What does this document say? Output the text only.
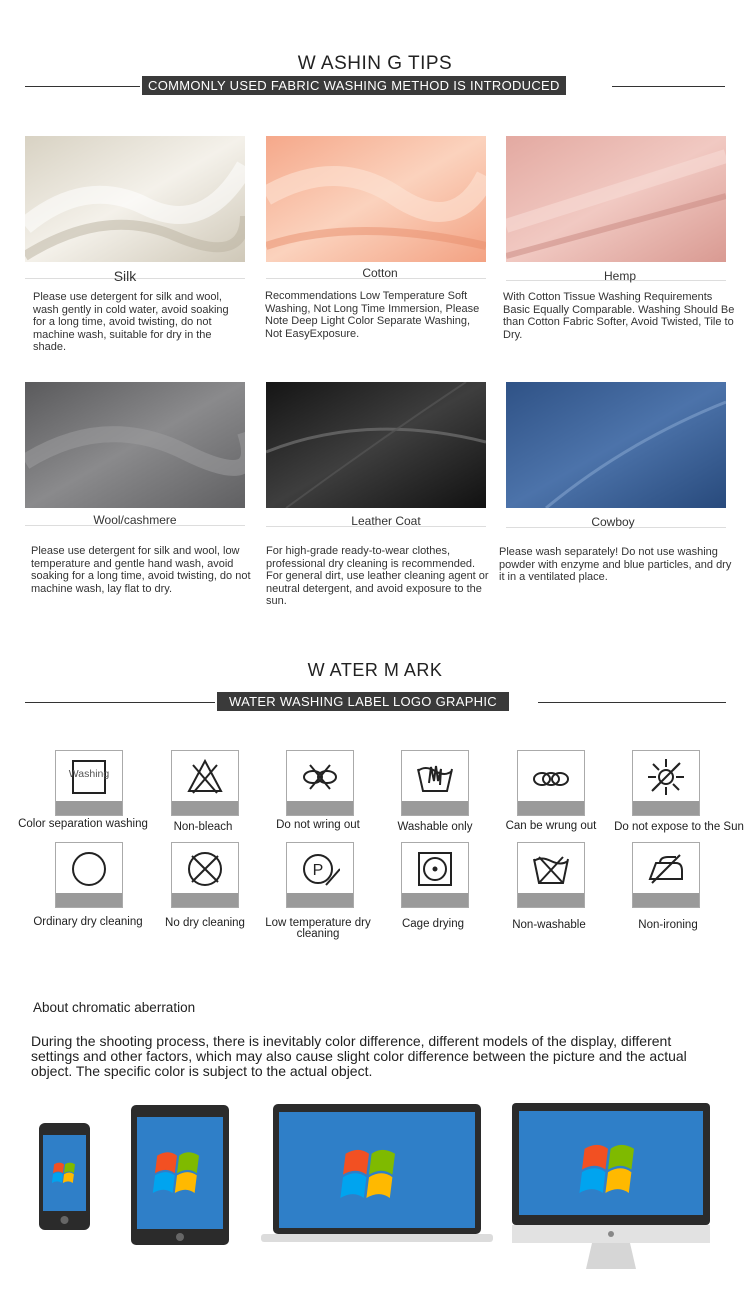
W ASHIN G TIPS
COMMONLY USED FABRIC WASHING METHOD IS INTRODUCED
Silk	Cotton	Hemp
Please use detergent for silk and wool, wash gently in cold water, avoid soaking for a long time, avoid twisting, do not machine wash, suitable for dry in the shade.
Recommendations Low Temperature Soft Washing, Not Long Time Immersion, Please Note Deep Light Color Separate Washing, Not EasyExposure.
With Cotton Tissue Washing Requirements Basic Equally Comparable. Washing Should Be than Cotton Fabric Softer, Avoid Twisted, Tile to Dry.
Wool/cashmere	Leather Coat	Cowboy
Please use detergent for silk and wool, low temperature and gentle hand wash, avoid soaking for a long time, avoid twisting, do not machine wash, lay flat to dry.
For high-grade ready-to-wear clothes, professional dry cleaning is recommended. For general dirt, use leather cleaning agent or neutral detergent, and avoid exposure to the sun.
Please wash separately! Do not use washing powder with enzyme and blue particles, and dry it in a ventilated place.
W ATER M ARK
WATER WASHING LABEL LOGO GRAPHIC
Washing
Color separation washing	Non-bleach	Do not wring out	Washable only	Can be wrung out	Do not expose to the Sun
Ordinary dry cleaning	No dry cleaning
P
Low temperature dry cleaning
Cage drying	Non-washable	Non-ironing
About chromatic aberration
During the shooting process, there is inevitably color difference, different models of the display, different settings and other factors, which may also cause slight color difference between the picture and the actual object. The specific color is subject to the actual object.
